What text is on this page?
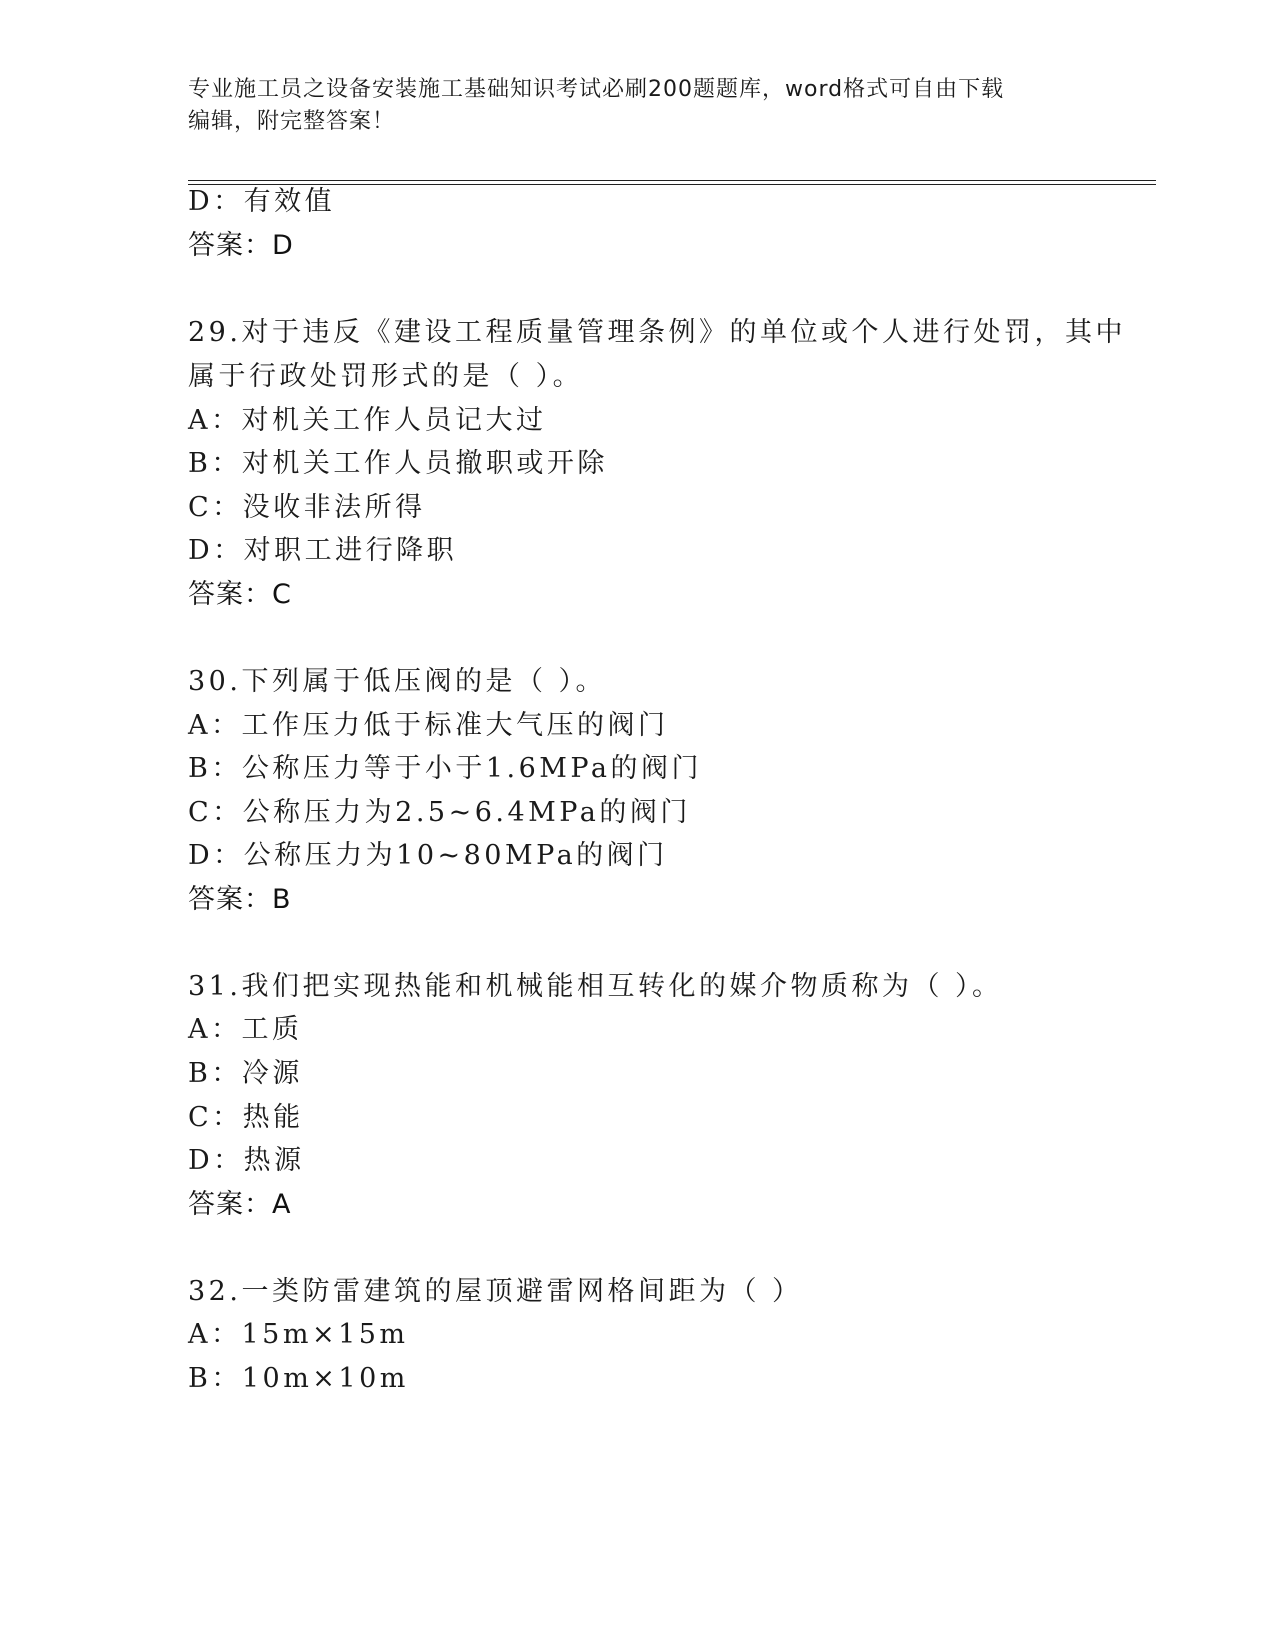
专业施工员之设备安装施工基础知识考试必刷200题题库，word格式可自由下载
编辑，附完整答案！
D：有效值
答案：D
29.对于违反《建设工程质量管理条例》的单位或个人进行处罚，其中
属于行政处罚形式的是（ ）。
A：对机关工作人员记大过
B：对机关工作人员撤职或开除
C：没收非法所得
D：对职工进行降职
答案：C
30.下列属于低压阀的是（ ）。
A：工作压力低于标准大气压的阀门
B：公称压力等于小于1.6MPa的阀门
C：公称压力为2.5~6.4MPa的阀门
D：公称压力为10~80MPa的阀门
答案：B
31.我们把实现热能和机械能相互转化的媒介物质称为（ ）。
A：工质
B：冷源
C：热能
D：热源
答案：A
32.一类防雷建筑的屋顶避雷网格间距为（ ）
A：15m×15m
B：10m×10m
